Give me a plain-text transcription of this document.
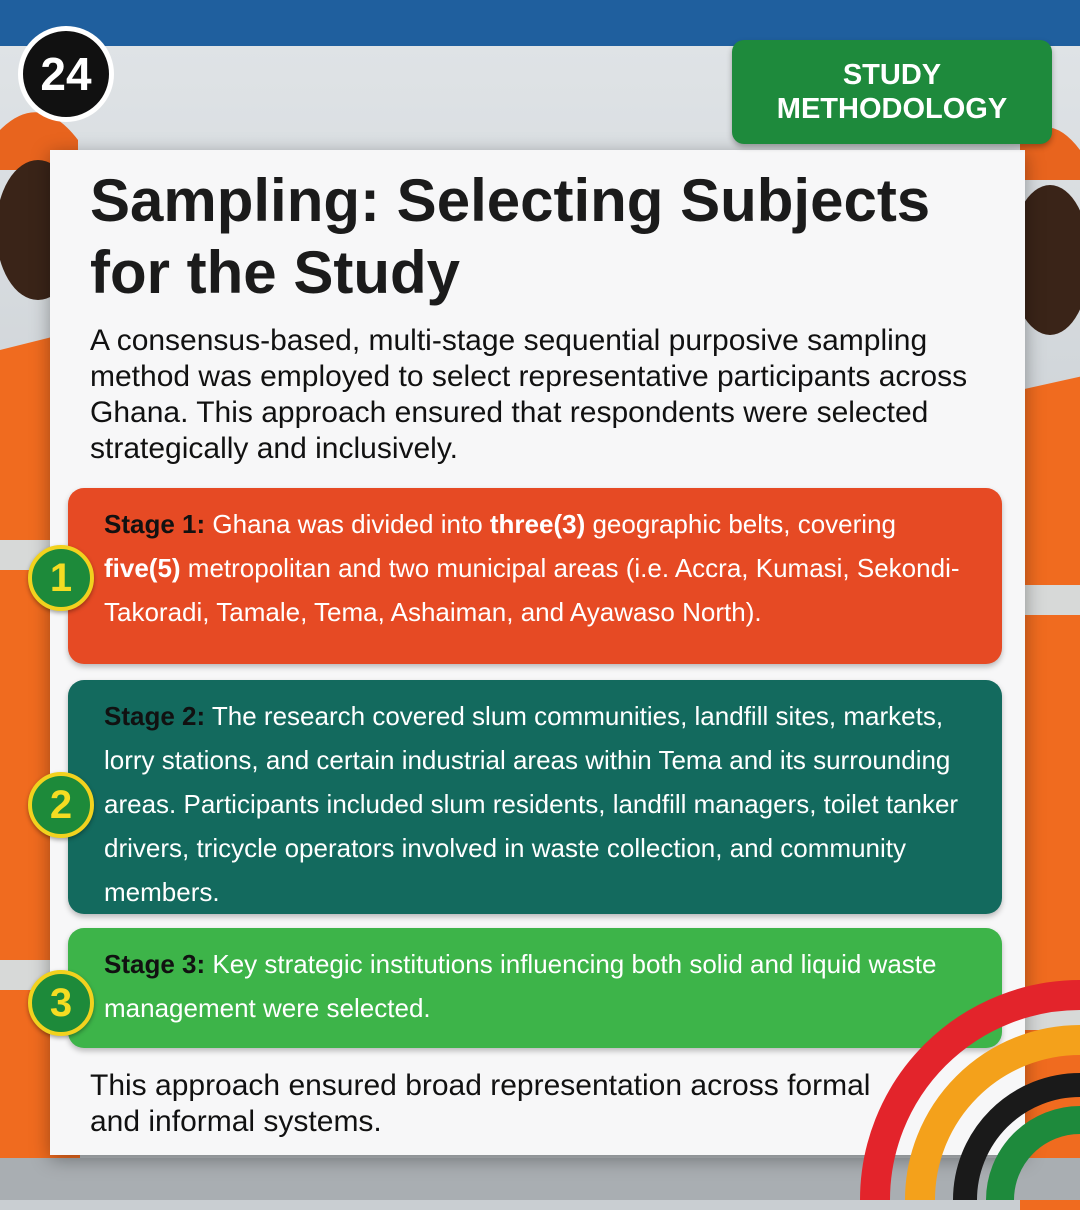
24	STUDY
METHODOLOGY
Sampling: Selecting Subjects for the Study

A consensus-based, multi-stage sequential purposive sampling method was employed to select representative participants across Ghana. This approach ensured that respondents were selected strategically and inclusively.

Stage 1: Ghana was divided into three(3) geographic belts, covering five(5) metropolitan and two municipal areas (i.e. Accra, Kumasi, Sekondi-Takoradi, Tamale, Tema, Ashaiman, and Ayawaso North).
1
Stage 2: The research covered slum communities, landfill sites, markets, lorry stations, and certain industrial areas within Tema and its surrounding areas. Participants included slum residents, landfill managers, toilet tanker drivers, tricycle operators involved in waste collection, and community members.
2
Stage 3: Key strategic institutions influencing both solid and liquid waste management were selected.
3

This approach ensured broad representation across formal and informal systems.
